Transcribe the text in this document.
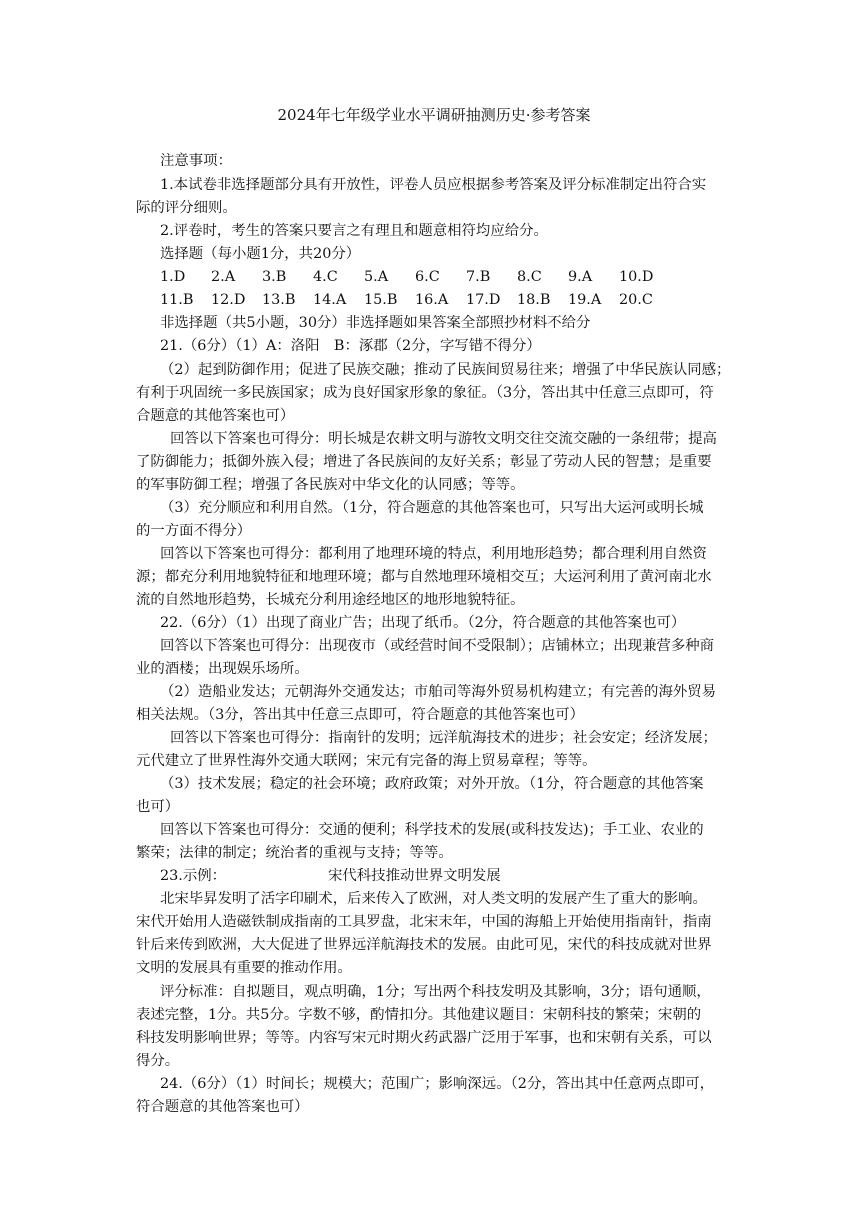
2024年七年级学业水平调研抽测历史·参考答案
注意事项：
1.本试卷非选择题部分具有开放性，评卷人员应根据参考答案及评分标准制定出符合实
际的评分细则。
2.评卷时，考生的答案只要言之有理且和题意相符均应给分。
选择题（每小题1分，共20分）
1.D 2.A 3.B 4.C 5.A 6.C 7.B 8.C 9.A 10.D
11.B 12.D 13.B 14.A 15.B 16.A 17.D 18.B 19.A 20.C
非选择题（共5小题，30分）非选择题如果答案全部照抄材料不给分
21.（6分）（1）A：洛阳　B：涿郡（2分，字写错不得分）
（2）起到防御作用；促进了民族交融；推动了民族间贸易往来；增强了中华民族认同感；
有利于巩固统一多民族国家；成为良好国家形象的象征。（3分，答出其中任意三点即可，符
合题意的其他答案也可）
回答以下答案也可得分：明长城是农耕文明与游牧文明交往交流交融的一条纽带；提高
了防御能力；抵御外族入侵；增进了各民族间的友好关系；彰显了劳动人民的智慧；是重要
的军事防御工程；增强了各民族对中华文化的认同感；等等。
（3）充分顺应和利用自然。（1分，符合题意的其他答案也可，只写出大运河或明长城
的一方面不得分）
回答以下答案也可得分：都利用了地理环境的特点，利用地形趋势；都合理利用自然资
源；都充分利用地貌特征和地理环境；都与自然地理环境相交互；大运河利用了黄河南北水
流的自然地形趋势，长城充分利用途经地区的地形地貌特征。
22.（6分）（1）出现了商业广告；出现了纸币。（2分，符合题意的其他答案也可）
回答以下答案也可得分：出现夜市（或经营时间不受限制）；店铺林立；出现兼营多种商
业的酒楼；出现娱乐场所。
（2）造船业发达；元朝海外交通发达；市舶司等海外贸易机构建立；有完善的海外贸易
相关法规。（3分，答出其中任意三点即可，符合题意的其他答案也可）
回答以下答案也可得分：指南针的发明；远洋航海技术的进步；社会安定；经济发展；
元代建立了世界性海外交通大联网；宋元有完备的海上贸易章程；等等。
（3）技术发展；稳定的社会环境；政府政策；对外开放。（1分，符合题意的其他答案
也可）
回答以下答案也可得分：交通的便利；科学技术的发展(或科技发达)；手工业、农业的
繁荣；法律的制定；统治者的重视与支持；等等。
23.示例：	宋代科技推动世界文明发展
北宋毕昇发明了活字印刷术，后来传入了欧洲，对人类文明的发展产生了重大的影响。
宋代开始用人造磁铁制成指南的工具罗盘，北宋末年，中国的海船上开始使用指南针，指南
针后来传到欧洲，大大促进了世界远洋航海技术的发展。由此可见，宋代的科技成就对世界
文明的发展具有重要的推动作用。
评分标准：自拟题目，观点明确，1分；写出两个科技发明及其影响，3分；语句通顺，
表述完整，1分。共5分。字数不够，酌情扣分。其他建议题目：宋朝科技的繁荣；宋朝的
科技发明影响世界；等等。内容写宋元时期火药武器广泛用于军事，也和宋朝有关系，可以
得分。
24.（6分）（1）时间长；规模大；范围广；影响深远。（2分，答出其中任意两点即可，
符合题意的其他答案也可）
